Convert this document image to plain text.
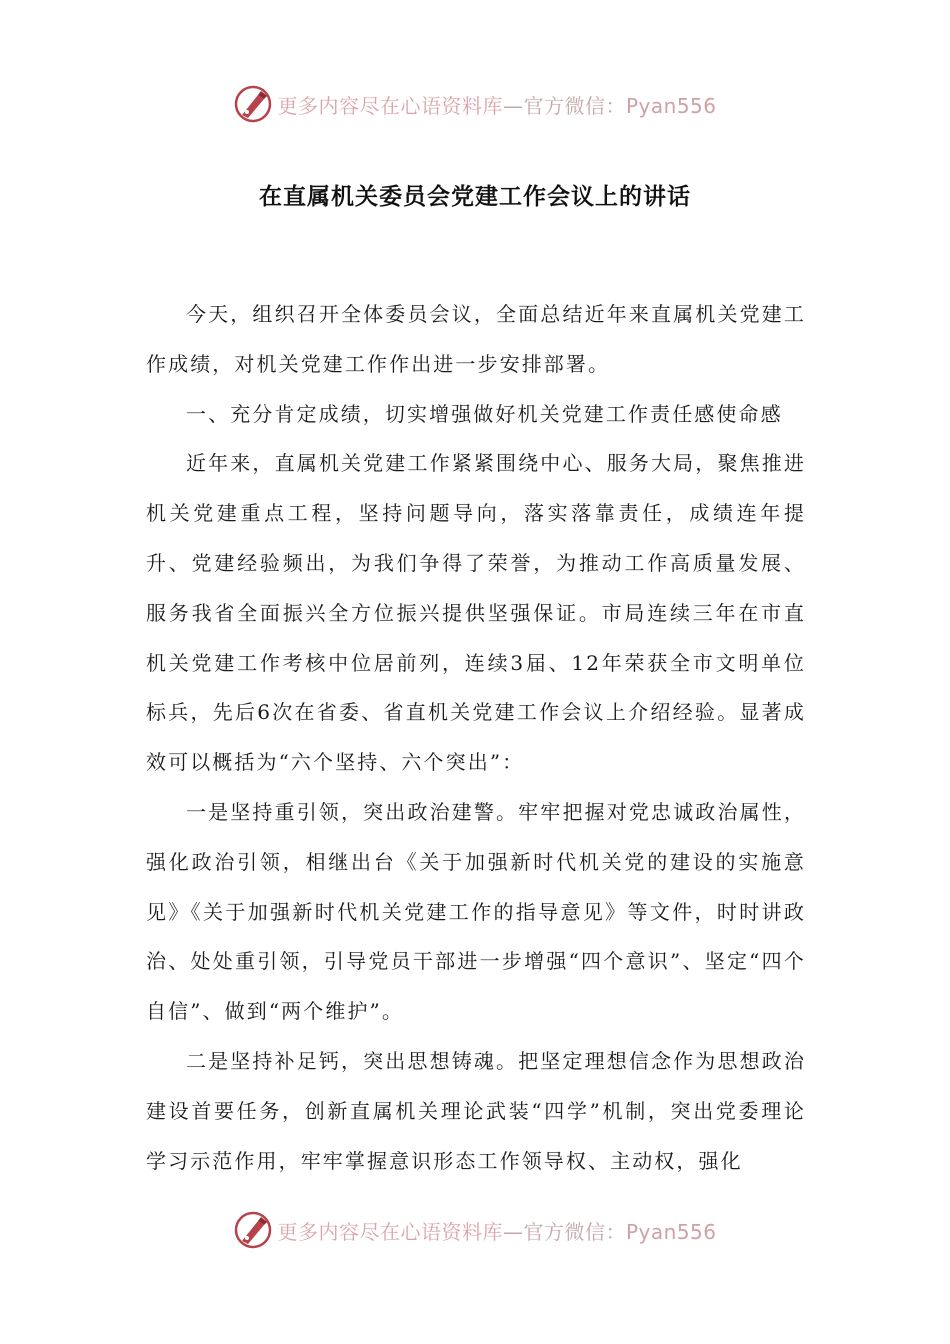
更多内容尽在心语资料库—官方微信：Pyan556
在直属机关委员会党建工作会议上的讲话

今天，组织召开全体委员会议，全面总结近年来直属机关党建工作成绩，对机关党建工作作出进一步安排部署。

一、充分肯定成绩，切实增强做好机关党建工作责任感使命感

近年来，直属机关党建工作紧紧围绕中心、服务大局，聚焦推进机关党建重点工程，坚持问题导向，落实落靠责任，成绩连年提升、党建经验频出，为我们争得了荣誉，为推动工作高质量发展、服务我省全面振兴全方位振兴提供坚强保证。市局连续三年在市直机关党建工作考核中位居前列，连续3届、12年荣获全市文明单位标兵，先后6次在省委、省直机关党建工作会议上介绍经验。显著成效可以概括为“六个坚持、六个突出”：

一是坚持重引领，突出政治建警。牢牢把握对党忠诚政治属性，强化政治引领，相继出台《关于加强新时代机关党的建设的实施意见》《关于加强新时代机关党建工作的指导意见》等文件，时时讲政治、处处重引领，引导党员干部进一步增强“四个意识”、坚定“四个自信”、做到“两个维护”。

二是坚持补足钙，突出思想铸魂。把坚定理想信念作为思想政治建设首要任务，创新直属机关理论武装“四学”机制，突出党委理论学习示范作用，牢牢掌握意识形态工作领导权、主动权，强化

更多内容尽在心语资料库—官方微信：Pyan556
